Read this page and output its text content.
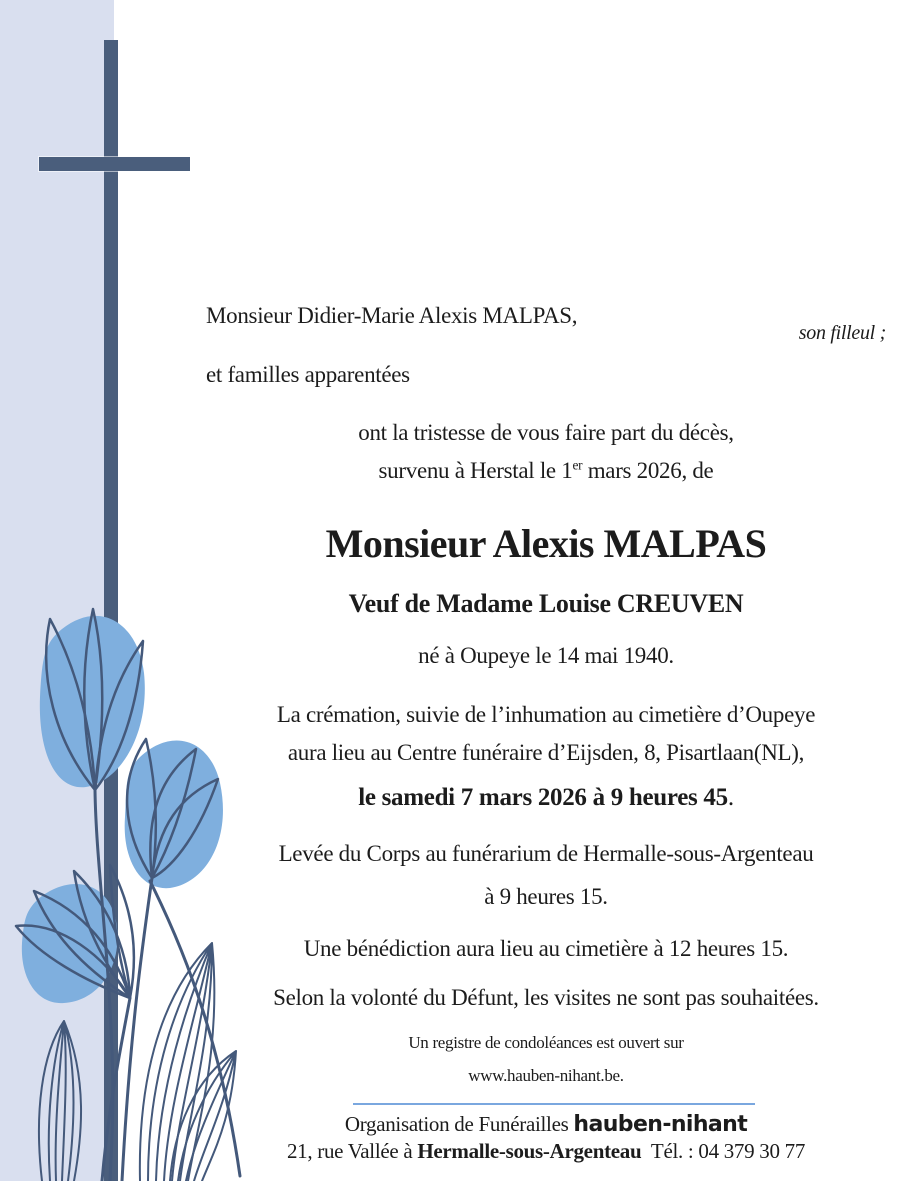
Monsieur Didier-Marie Alexis MALPAS,
son filleul ;
et familles apparentées
ont la tristesse de vous faire part du décès,
survenu à Herstal le 1er mars 2026, de
Monsieur Alexis MALPAS
Veuf de Madame Louise CREUVEN
né à Oupeye le 14 mai 1940.
La crémation, suivie de l’inhumation au cimetière d’Oupeye
aura lieu au Centre funéraire d’Eijsden, 8, Pisartlaan(NL),
le samedi 7 mars 2026 à 9 heures 45.
Levée du Corps au funérarium de Hermalle-sous-Argenteau
à 9 heures 15.
Une bénédiction aura lieu au cimetière à 12 heures 15.
Selon la volonté du Défunt, les visites ne sont pas souhaitées.
Un registre de condoléances est ouvert sur
www.hauben-nihant.be.
Organisation de Funérailles hauben-nihant
21, rue Vallée à Hermalle-sous-Argenteau  Tél. : 04 379 30 77
